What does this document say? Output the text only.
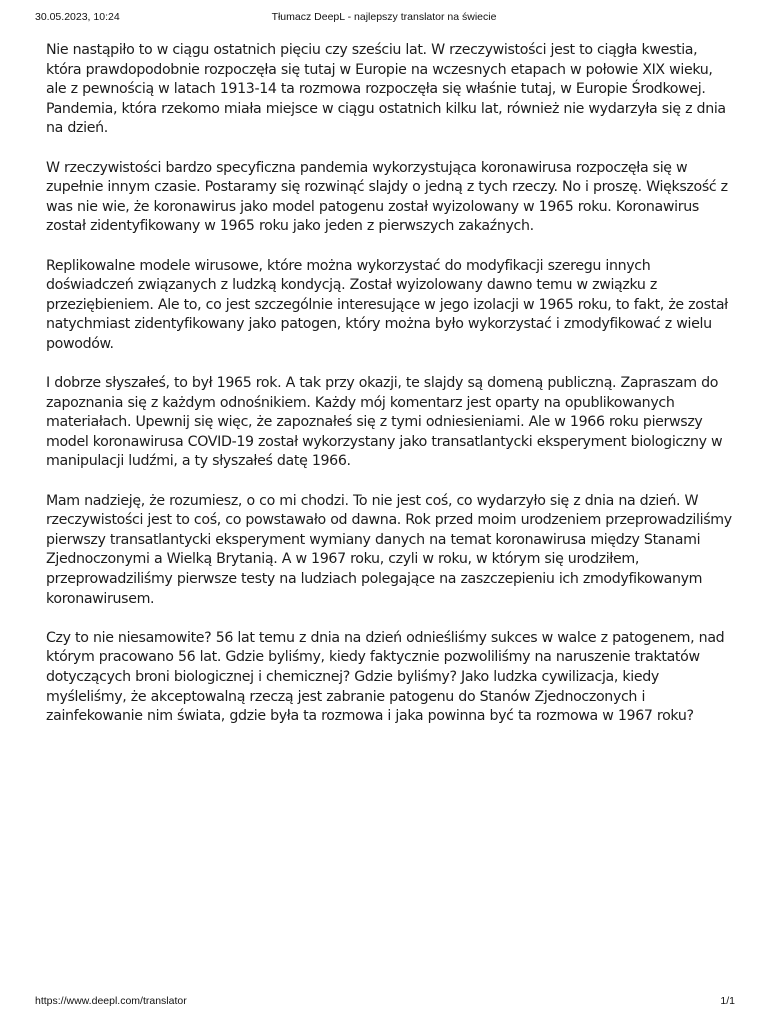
30.05.2023, 10:24	Tłumacz DeepL - najlepszy translator na świecie

Nie nastąpiło to w ciągu ostatnich pięciu czy sześciu lat. W rzeczywistości jest to ciągła kwestia, która prawdopodobnie rozpoczęła się tutaj w Europie na wczesnych etapach w połowie XIX wieku, ale z pewnością w latach 1913-14 ta rozmowa rozpoczęła się właśnie tutaj, w Europie Środkowej. Pandemia, która rzekomo miała miejsce w ciągu ostatnich kilku lat, również nie wydarzyła się z dnia na dzień.

W rzeczywistości bardzo specyficzna pandemia wykorzystująca koronawirusa rozpoczęła się w zupełnie innym czasie. Postaramy się rozwinąć slajdy o jedną z tych rzeczy. No i proszę. Większość z was nie wie, że koronawirus jako model patogenu został wyizolowany w 1965 roku. Koronawirus został zidentyfikowany w 1965 roku jako jeden z pierwszych zakaźnych.

Replikowalne modele wirusowe, które można wykorzystać do modyfikacji szeregu innych doświadczeń związanych z ludzką kondycją. Został wyizolowany dawno temu w związku z przeziębieniem. Ale to, co jest szczególnie interesujące w jego izolacji w 1965 roku, to fakt, że został natychmiast zidentyfikowany jako patogen, który można było wykorzystać i zmodyfikować z wielu powodów.

I dobrze słyszałeś, to był 1965 rok. A tak przy okazji, te slajdy są domeną publiczną. Zapraszam do zapoznania się z każdym odnośnikiem. Każdy mój komentarz jest oparty na opublikowanych materiałach. Upewnij się więc, że zapoznałeś się z tymi odniesieniami. Ale w 1966 roku pierwszy model koronawirusa COVID-19 został wykorzystany jako transatlantycki eksperyment biologiczny w manipulacji ludźmi, a ty słyszałeś datę 1966.

Mam nadzieję, że rozumiesz, o co mi chodzi. To nie jest coś, co wydarzyło się z dnia na dzień. W rzeczywistości jest to coś, co powstawało od dawna. Rok przed moim urodzeniem przeprowadziliśmy pierwszy transatlantycki eksperyment wymiany danych na temat koronawirusa między Stanami Zjednoczonymi a Wielką Brytanią. A w 1967 roku, czyli w roku, w którym się urodziłem, przeprowadziliśmy pierwsze testy na ludziach polegające na zaszczepieniu ich zmodyfikowanym koronawirusem.

Czy to nie niesamowite? 56 lat temu z dnia na dzień odnieśliśmy sukces w walce z patogenem, nad którym pracowano 56 lat. Gdzie byliśmy, kiedy faktycznie pozwoliliśmy na naruszenie traktatów dotyczących broni biologicznej i chemicznej? Gdzie byliśmy? Jako ludzka cywilizacja, kiedy myśleliśmy, że akceptowalną rzeczą jest zabranie patogenu do Stanów Zjednoczonych i zainfekowanie nim świata, gdzie była ta rozmowa i jaka powinna być ta rozmowa w 1967 roku?

https://www.deepl.com/translator	1/1
